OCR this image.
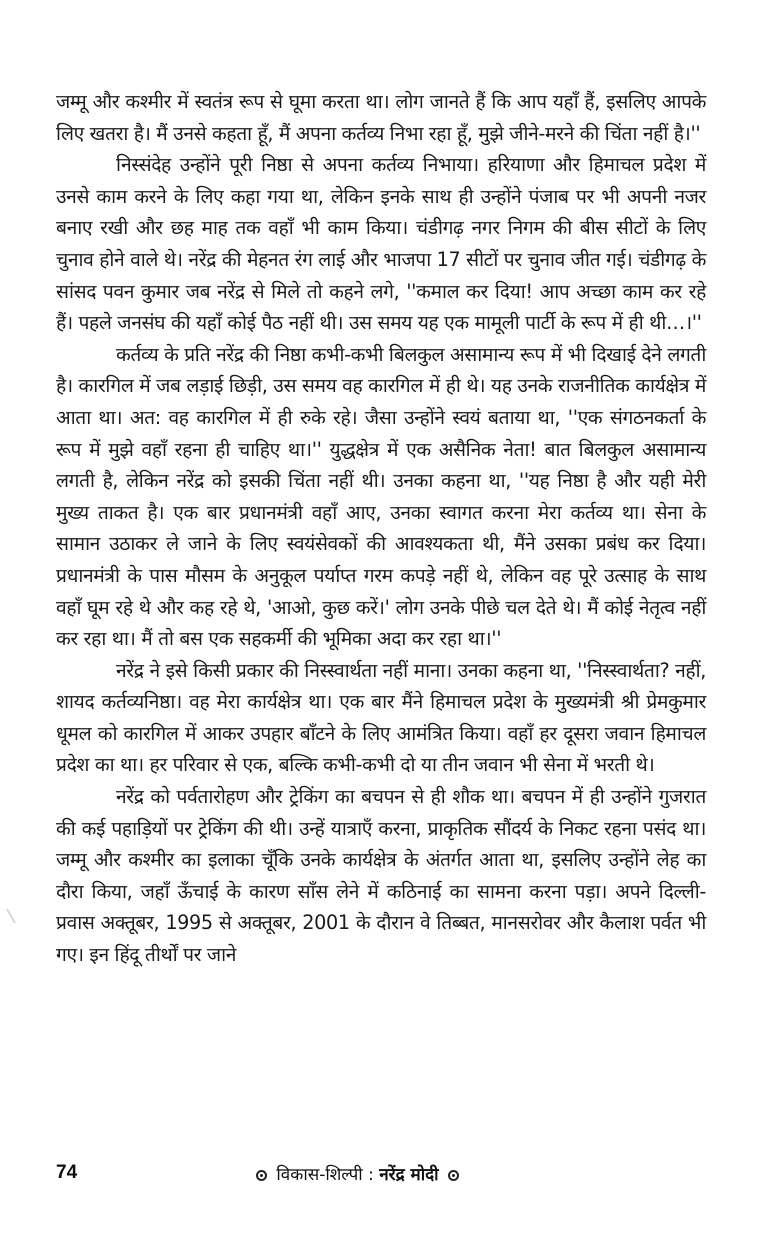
जम्मू और कश्मीर में स्वतंत्र रूप से घूमा करता था। लोग जानते हैं कि आप यहाँ हैं, इसलिए आपके लिए खतरा है। मैं उनसे कहता हूँ, मैं अपना कर्तव्य निभा रहा हूँ, मुझे जीने-मरने की चिंता नहीं है।''

निस्संदेह उन्होंने पूरी निष्ठा से अपना कर्तव्य निभाया। हरियाणा और हिमाचल प्रदेश में उनसे काम करने के लिए कहा गया था, लेकिन इनके साथ ही उन्होंने पंजाब पर भी अपनी नजर बनाए रखी और छह माह तक वहाँ भी काम किया। चंडीगढ़ नगर निगम की बीस सीटों के लिए चुनाव होने वाले थे। नरेंद्र की मेहनत रंग लाई और भाजपा 17 सीटों पर चुनाव जीत गई। चंडीगढ़ के सांसद पवन कुमार जब नरेंद्र से मिले तो कहने लगे, ''कमाल कर दिया! आप अच्छा काम कर रहे हैं। पहले जनसंघ की यहाँ कोई पैठ नहीं थी। उस समय यह एक मामूली पार्टी के रूप में ही थी…।''

कर्तव्य के प्रति नरेंद्र की निष्ठा कभी-कभी बिलकुल असामान्य रूप में भी दिखाई देने लगती है। कारगिल में जब लड़ाई छिड़ी, उस समय वह कारगिल में ही थे। यह उनके राजनीतिक कार्यक्षेत्र में आता था। अत: वह कारगिल में ही रुके रहे। जैसा उन्होंने स्वयं बताया था, ''एक संगठनकर्ता के रूप में मुझे वहाँ रहना ही चाहिए था।'' युद्धक्षेत्र में एक असैनिक नेता! बात बिलकुल असामान्य लगती है, लेकिन नरेंद्र को इसकी चिंता नहीं थी। उनका कहना था, ''यह निष्ठा है और यही मेरी मुख्य ताकत है। एक बार प्रधानमंत्री वहाँ आए, उनका स्वागत करना मेरा कर्तव्य था। सेना के सामान उठाकर ले जाने के लिए स्वयंसेवकों की आवश्यकता थी, मैंने उसका प्रबंध कर दिया। प्रधानमंत्री के पास मौसम के अनुकूल पर्याप्त गरम कपड़े नहीं थे, लेकिन वह पूरे उत्साह के साथ वहाँ घूम रहे थे और कह रहे थे, 'आओ, कुछ करें।' लोग उनके पीछे चल देते थे। मैं कोई नेतृत्व नहीं कर रहा था। मैं तो बस एक सहकर्मी की भूमिका अदा कर रहा था।''

नरेंद्र ने इसे किसी प्रकार की निस्स्वार्थता नहीं माना। उनका कहना था, ''निस्स्वार्थता? नहीं, शायद कर्तव्यनिष्ठा। वह मेरा कार्यक्षेत्र था। एक बार मैंने हिमाचल प्रदेश के मुख्यमंत्री श्री प्रेमकुमार धूमल को कारगिल में आकर उपहार बाँटने के लिए आमंत्रित किया। वहाँ हर दूसरा जवान हिमाचल प्रदेश का था। हर परिवार से एक, बल्कि कभी-कभी दो या तीन जवान भी सेना में भरती थे।

नरेंद्र को पर्वतारोहण और ट्रेकिंग का बचपन से ही शौक था। बचपन में ही उन्होंने गुजरात की कई पहाड़ियों पर ट्रेकिंग की थी। उन्हें यात्राएँ करना, प्राकृतिक सौंदर्य के निकट रहना पसंद था। जम्मू और कश्मीर का इलाका चूँकि उनके कार्यक्षेत्र के अंतर्गत आता था, इसलिए उन्होंने लेह का दौरा किया, जहाँ ऊँचाई के कारण साँस लेने में कठिनाई का सामना करना पड़ा। अपने दिल्ली-प्रवास अक्तूबर, 1995 से अक्तूबर, 2001 के दौरान वे तिब्बत, मानसरोवर और कैलाश पर्वत भी गए। इन हिंदू तीर्थों पर जाने

74	विकास-शिल्पी : नरेंद्र मोदी
